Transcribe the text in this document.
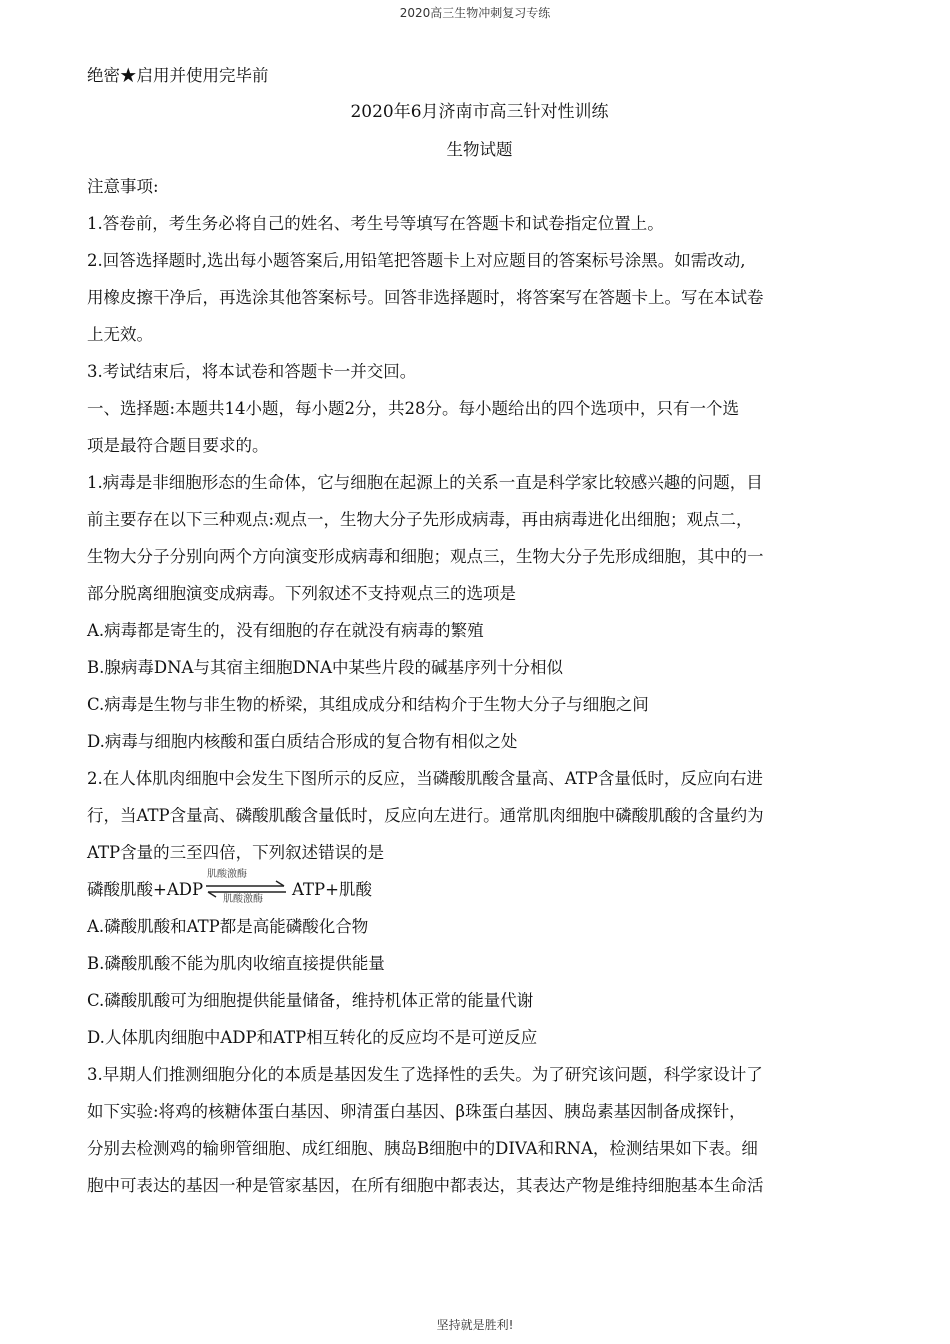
2020高三生物冲刺复习专练
绝密★启用并使用完毕前
2020年6月济南市高三针对性训练
生物试题
注意事项:
1.答卷前，考生务必将自己的姓名、考生号等填写在答题卡和试卷指定位置上。
2.回答选择题时,选出每小题答案后,用铅笔把答题卡上对应题目的答案标号涂黑。如需改动,
用橡皮擦干净后，再选涂其他答案标号。回答非选择题时，将答案写在答题卡上。写在本试卷
上无效。
3.考试结束后，将本试卷和答题卡一并交回。
一、选择题:本题共14小题，每小题2分，共28分。每小题给出的四个选项中，只有一个选
项是最符合题目要求的。
1.病毒是非细胞形态的生命体，它与细胞在起源上的关系一直是科学家比较感兴趣的问题，目
前主要存在以下三种观点:观点一，生物大分子先形成病毒，再由病毒进化出细胞；观点二，
生物大分子分别向两个方向演变形成病毒和细胞；观点三，生物大分子先形成细胞，其中的一
部分脱离细胞演变成病毒。下列叙述不支持观点三的选项是
A.病毒都是寄生的，没有细胞的存在就没有病毒的繁殖
B.腺病毒DNA与其宿主细胞DNA中某些片段的碱基序列十分相似
C.病毒是生物与非生物的桥梁，其组成成分和结构介于生物大分子与细胞之间
D.病毒与细胞内核酸和蛋白质结合形成的复合物有相似之处
2.在人体肌肉细胞中会发生下图所示的反应，当磷酸肌酸含量高、ATP含量低时，反应向右进
行，当ATP含量高、磷酸肌酸含量低时，反应向左进行。通常肌肉细胞中磷酸肌酸的含量约为
ATP含量的三至四倍，下列叙述错误的是
磷酸肌酸+ADP
肌酸激酶
肌酸激酶
ATP+肌酸
A.磷酸肌酸和ATP都是高能磷酸化合物
B.磷酸肌酸不能为肌肉收缩直接提供能量
C.磷酸肌酸可为细胞提供能量储备，维持机体正常的能量代谢
D.人体肌肉细胞中ADP和ATP相互转化的反应均不是可逆反应
3.早期人们推测细胞分化的本质是基因发生了选择性的丢失。为了研究该问题，科学家设计了
如下实验:将鸡的核糖体蛋白基因、卵清蛋白基因、β珠蛋白基因、胰岛素基因制备成探针，
分别去检测鸡的输卵管细胞、成红细胞、胰岛B细胞中的DIVA和RNA，检测结果如下表。细
胞中可表达的基因一种是管家基因，在所有细胞中都表达，其表达产物是维持细胞基本生命活
坚持就是胜利!
